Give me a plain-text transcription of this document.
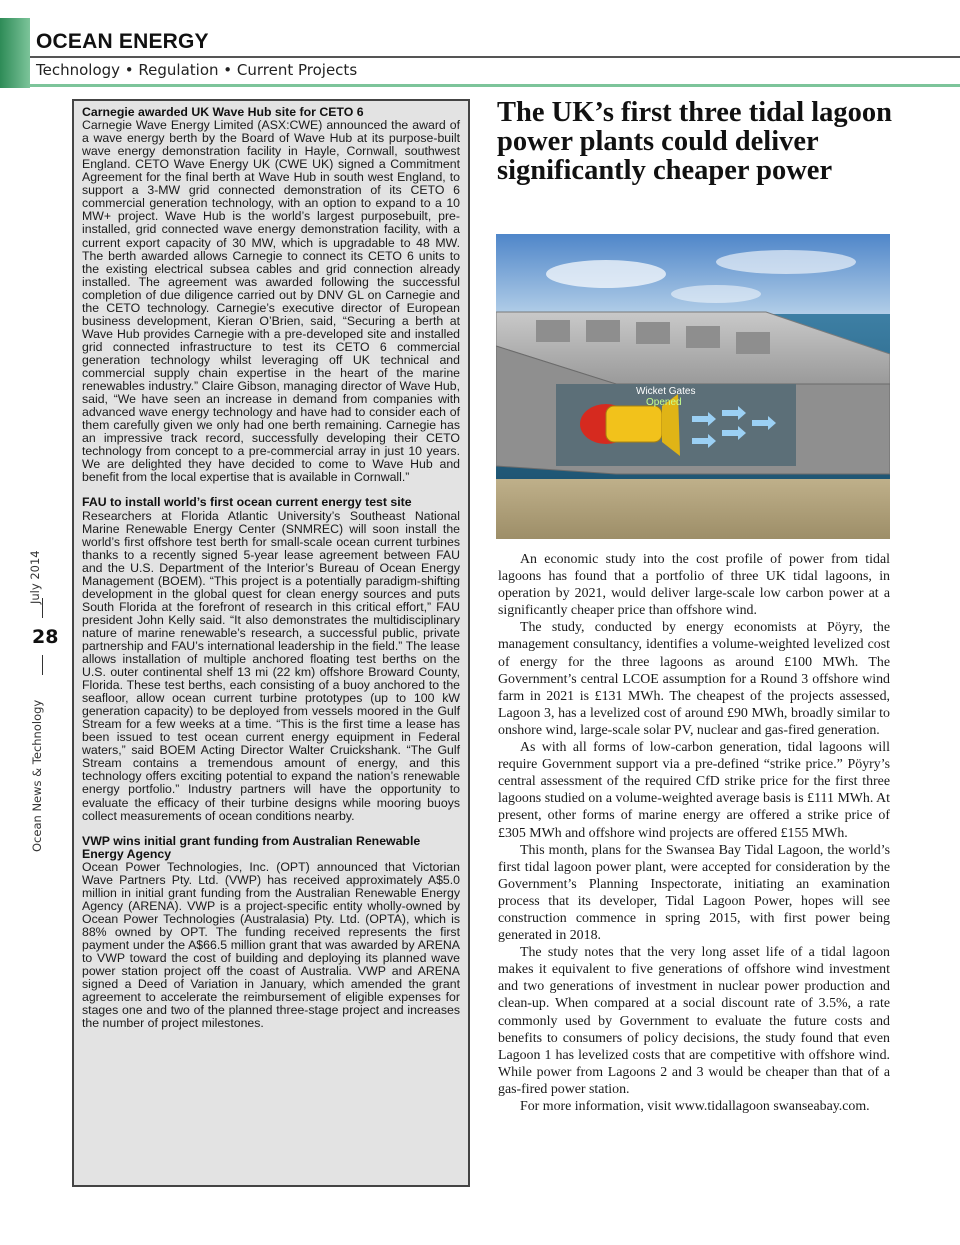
OCEAN ENERGY
Technology • Regulation • Current Projects
July 2014
28
Ocean News & Technology
Carnegie awarded UK Wave Hub site for CETO 6
Carnegie Wave Energy Limited (ASX:CWE) announced the award of a wave energy berth by the Board of Wave Hub at its purpose-built wave energy demonstration facility in Hayle, Cornwall, southwest England. CETO Wave Energy UK (CWE UK) signed a Commitment Agreement for the final berth at Wave Hub in south west England, to support a 3-MW grid connected demonstration of its CETO 6 commercial generation technology, with an option to expand to a 10 MW+ project. Wave Hub is the world’s largest purposebuilt, pre-installed, grid connected wave energy demonstration facility, with a current export capacity of 30 MW, which is upgradable to 48 MW. The berth awarded allows Carnegie to connect its CETO 6 units to the existing electrical subsea cables and grid connection already installed. The agreement was awarded following the successful completion of due diligence carried out by DNV GL on Carnegie and the CETO technology. Carnegie’s executive director of European business development, Kieran O’Brien, said, “Securing a berth at Wave Hub provides Carnegie with a pre-developed site and installed grid connected infrastructure to test its CETO 6 commercial generation technology whilst leveraging off UK technical and commercial supply chain expertise in the heart of the marine renewables industry.” Claire Gibson, managing director of Wave Hub, said, “We have seen an increase in demand from companies with advanced wave energy technology and have had to consider each of them carefully given we only had one berth remaining. Carnegie has an impressive track record, successfully developing their CETO technology from concept to a pre-commercial array in just 10 years. We are delighted they have decided to come to Wave Hub and benefit from the local expertise that is available in Cornwall.”
FAU to install world’s first ocean current energy test site
Researchers at Florida Atlantic University’s Southeast National Marine Renewable Energy Center (SNMREC) will soon install the world’s first offshore test berth for small-scale ocean current turbines thanks to a recently signed 5-year lease agreement between FAU and the U.S. Department of the Interior’s Bureau of Ocean Energy Management (BOEM). “This project is a potentially paradigm-shifting development in the global quest for clean energy sources and puts South Florida at the forefront of research in this critical effort,” FAU president John Kelly said. “It also demonstrates the multidisciplinary nature of marine renewable’s research, a successful public, private partnership and FAU’s international leadership in the field.” The lease allows installation of multiple anchored floating test berths on the U.S. outer continental shelf 13 mi (22 km) offshore Broward County, Florida. These test berths, each consisting of a buoy anchored to the seafloor, allow ocean current turbine prototypes (up to 100 kW generation capacity) to be deployed from vessels moored in the Gulf Stream for a few weeks at a time. “This is the first time a lease has been issued to test ocean current energy equipment in Federal waters,” said BOEM Acting Director Walter Cruickshank. “The Gulf Stream contains a tremendous amount of energy, and this technology offers exciting potential to expand the nation’s renewable energy portfolio.” Industry partners will have the opportunity to evaluate the efficacy of their turbine designs while mooring buoys collect measurements of ocean conditions nearby.
VWP wins initial grant funding from Australian Renewable Energy Agency
Ocean Power Technologies, Inc. (OPT) announced that Victorian Wave Partners Pty. Ltd. (VWP) has received approximately A$5.0 million in initial grant funding from the Australian Renewable Energy Agency (ARENA). VWP is a project-specific entity wholly-owned by Ocean Power Technologies (Australasia) Pty. Ltd. (OPTA), which is 88% owned by OPT. The funding received represents the first payment under the A$66.5 million grant that was awarded by ARENA to VWP toward the cost of building and deploying its planned wave power station project off the coast of Australia. VWP and ARENA signed a Deed of Variation in January, which amended the grant agreement to accelerate the reimbursement of eligible expenses for stages one and two of the planned three-stage project and increases the number of project milestones.
The UK’s first three tidal lagoon power plants could deliver significantly cheaper power
Wicket Gates
Opened

An economic study into the cost profile of power from tidal lagoons has found that a portfolio of three UK tidal lagoons, in operation by 2021, would deliver large-scale low carbon power at a significantly cheaper price than offshore wind.

The study, conducted by energy economists at Pöyry, the management consultancy, identifies a volume-weighted levelized cost of energy for the three lagoons as around £100 MWh. The Government’s central LCOE assumption for a Round 3 offshore wind farm in 2021 is £131 MWh. The cheapest of the projects assessed, Lagoon 3, has a levelized cost of around £90 MWh, broadly similar to onshore wind, large-scale solar PV, nuclear and gas-fired generation.

As with all forms of low-carbon generation, tidal lagoons will require Government support via a pre-defined “strike price.” Pöyry’s central assessment of the required CfD strike price for the first three lagoons studied on a volume-weighted average basis is £111 MWh. At present, other forms of marine energy are offered a strike price of £305 MWh and offshore wind projects are offered £155 MWh.

This month, plans for the Swansea Bay Tidal Lagoon, the world’s first tidal lagoon power plant, were accepted for consideration by the Government’s Planning Inspectorate, initiating an examination process that its developer, Tidal Lagoon Power, hopes will see construction commence in spring 2015, with first power being generated in 2018.

The study notes that the very long asset life of a tidal lagoon makes it equivalent to five generations of offshore wind investment and two generations of investment in nuclear power production and clean-up. When compared at a social discount rate of 3.5%, a rate commonly used by Government to evaluate the future costs and benefits to consumers of policy decisions, the study found that even Lagoon 1 has levelized costs that are competitive with offshore wind. While power from Lagoons 2 and 3 would be cheaper than that of a gas-fired power station.

For more information, visit www.tidallagoon swanseabay.com.
